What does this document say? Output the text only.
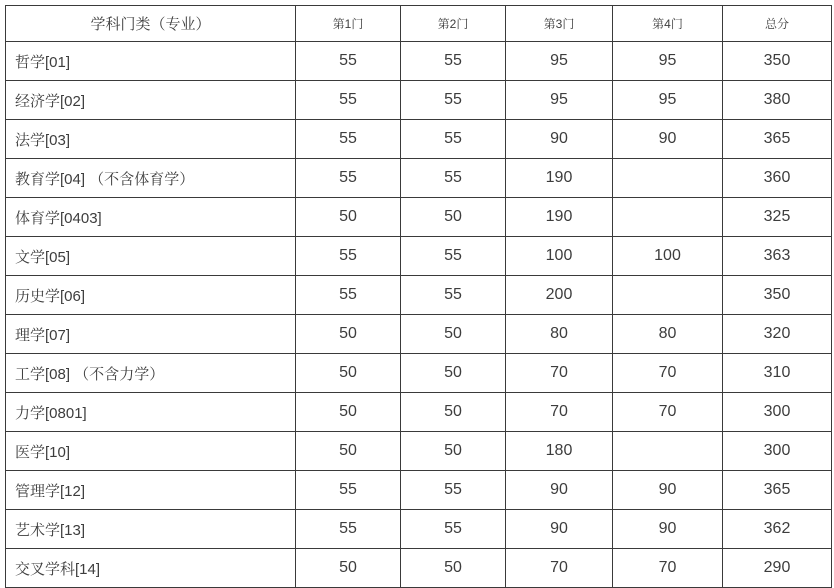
学科门类（专业）	第1门	第2门	第3门	第4门	总分
哲学[01]	55	55	95	95	350
经济学[02]	55	55	95	95	380
法学[03]	55	55	90	90	365
教育学[04] （不含体育学）	55	55	190		360
体育学[0403]	50	50	190		325
文学[05]	55	55	100	100	363
历史学[06]	55	55	200		350
理学[07]	50	50	80	80	320
工学[08] （不含力学）	50	50	70	70	310
力学[0801]	50	50	70	70	300
医学[10]	50	50	180		300
管理学[12]	55	55	90	90	365
艺术学[13]	55	55	90	90	362
交叉学科[14]	50	50	70	70	290
